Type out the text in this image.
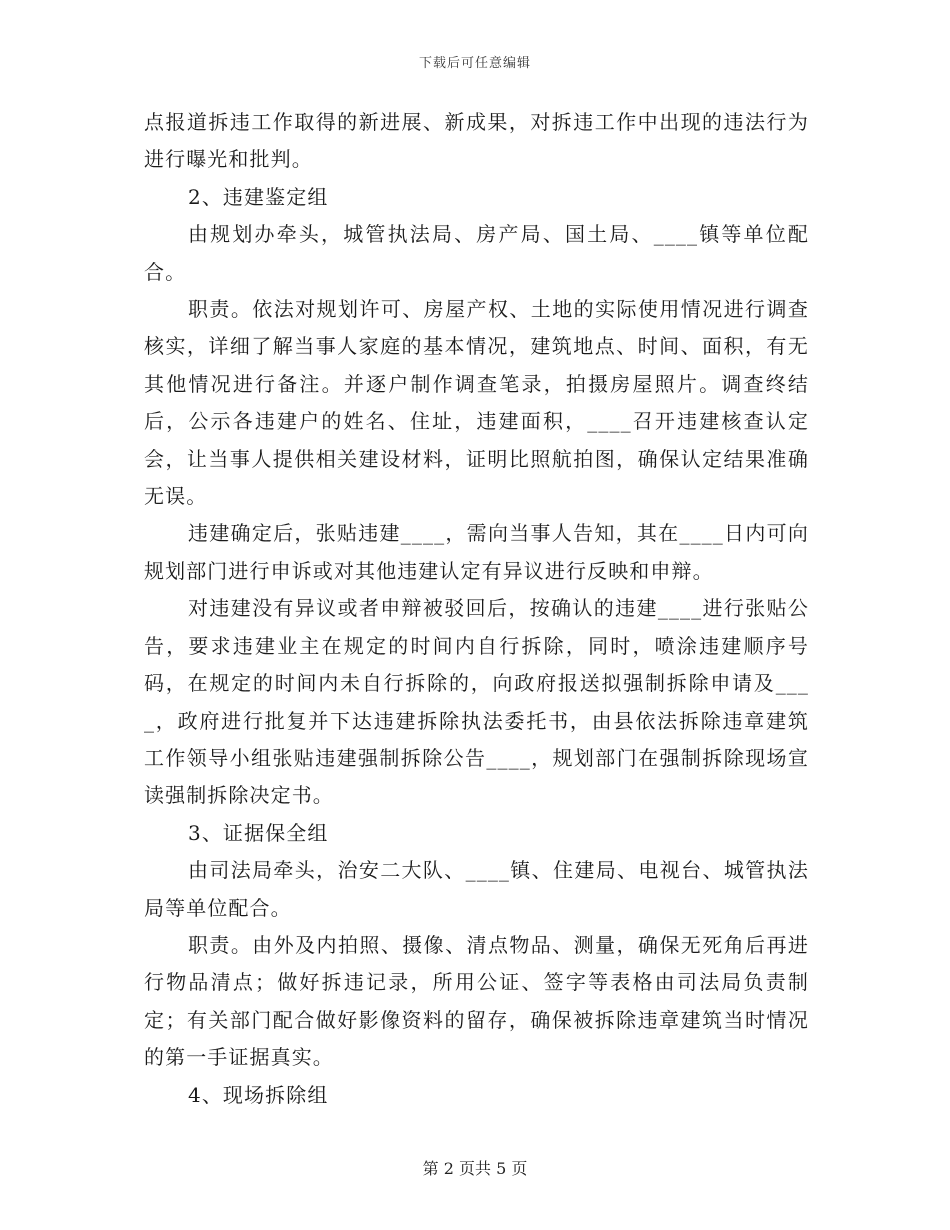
下载后可任意编辑

点报道拆违工作取得的新进展、新成果，对拆违工作中出现的违法行为进行曝光和批判。

2、违建鉴定组

由规划办牵头，城管执法局、房产局、国土局、____镇等单位配合。

职责。依法对规划许可、房屋产权、土地的实际使用情况进行调查核实，详细了解当事人家庭的基本情况，建筑地点、时间、面积，有无其他情况进行备注。并逐户制作调查笔录，拍摄房屋照片。调查终结后，公示各违建户的姓名、住址，违建面积，____召开违建核查认定会，让当事人提供相关建设材料，证明比照航拍图，确保认定结果准确无误。

违建确定后，张贴违建____，需向当事人告知，其在____日内可向规划部门进行申诉或对其他违建认定有异议进行反映和申辩。

对违建没有异议或者申辩被驳回后，按确认的违建____进行张贴公告，要求违建业主在规定的时间内自行拆除，同时，喷涂违建顺序号码，在规定的时间内未自行拆除的，向政府报送拟强制拆除申请及____，政府进行批复并下达违建拆除执法委托书，由县依法拆除违章建筑工作领导小组张贴违建强制拆除公告____，规划部门在强制拆除现场宣读强制拆除决定书。

3、证据保全组

由司法局牵头，治安二大队、____镇、住建局、电视台、城管执法局等单位配合。

职责。由外及内拍照、摄像、清点物品、测量，确保无死角后再进行物品清点；做好拆违记录，所用公证、签字等表格由司法局负责制定；有关部门配合做好影像资料的留存，确保被拆除违章建筑当时情况的第一手证据真实。

4、现场拆除组

第 2 页共 5 页
